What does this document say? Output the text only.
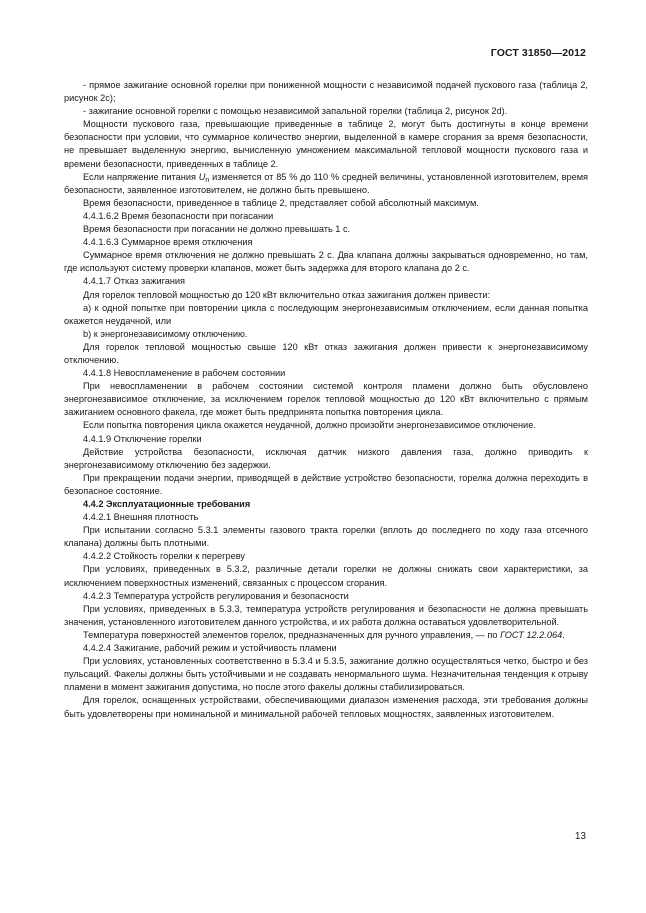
ГОСТ 31850—2012

- прямое зажигание основной горелки при пониженной мощности с независимой подачей пускового газа (таблица 2, рисунок 2с);

- зажигание основной горелки с помощью независимой запальной горелки (таблица 2, рисунок 2d).

Мощности пускового газа, превышающие приведенные в таблице 2, могут быть достигнуты в конце времени безопасности при условии, что суммарное количество энергии, выделенной в камере сгорания за время безопасности, не превышает выделенную энергию, вычисленную умножением максимальной тепловой мощности пускового газа и времени безопасности, приведенных в таблице 2.

Если напряжение питания $U_n$ изменяется от 85 % до 110 % средней величины, установленной изготовителем, время безопасности, заявленное изготовителем, не должно быть превышено.

Время безопасности, приведенное в таблице 2, представляет собой абсолютный максимум.

4.4.1.6.2 Время безопасности при погасании

Время безопасности при погасании не должно превышать 1 с.

4.4.1.6.3 Суммарное время отключения

Суммарное время отключения не должно превышать 2 с. Два клапана должны закрываться одновременно, но там, где используют систему проверки клапанов, может быть задержка для второго клапана до 2 с.

4.4.1.7 Отказ зажигания

Для горелок тепловой мощностью до 120 кВт включительно отказ зажигания должен привести:

а) к одной попытке при повторении цикла с последующим энергонезависимым отключением, если данная попытка окажется неудачной, или

b) к энергонезависимому отключению.

Для горелок тепловой мощностью свыше 120 кВт отказ зажигания должен привести к энергонезависимому отключению.

4.4.1.8 Невоспламенение в рабочем состоянии

При невоспламенении в рабочем состоянии системой контроля пламени должно быть обусловлено энергонезависимое отключение, за исключением горелок тепловой мощностью до 120 кВт включительно с прямым зажиганием основного факела, где может быть предпринята попытка повторения цикла.

Если попытка повторения цикла окажется неудачной, должно произойти энергонезависимое отключение.

4.4.1.9 Отключение горелки

Действие устройства безопасности, исключая датчик низкого давления газа, должно приводить к энергонезависимому отключению без задержки.

При прекращении подачи энергии, приводящей в действие устройство безопасности, горелка должна переходить в безопасное состояние.

4.4.2 Эксплуатационные требования

4.4.2.1 Внешняя плотность

При испытании согласно 5.3.1 элементы газового тракта горелки (вплоть до последнего по ходу газа отсечного клапана) должны быть плотными.

4.4.2.2 Стойкость горелки к перегреву

При условиях, приведенных в 5.3.2, различные детали горелки не должны снижать свои характеристики, за исключением поверхностных изменений, связанных с процессом сгорания.

4.4.2.3 Температура устройств регулирования и безопасности

При условиях, приведенных в 5.3.3, температура устройств регулирования и безопасности не должна превышать значения, установленного изготовителем данного устройства, и их работа должна оставаться удовлетворительной.

Температура поверхностей элементов горелок, предназначенных для ручного управления, — по ГОСТ 12.2.064.

4.4.2.4 Зажигание, рабочий режим и устойчивость пламени

При условиях, установленных соответственно в 5.3.4 и 5.3.5, зажигание должно осуществляться четко, быстро и без пульсаций. Факелы должны быть устойчивыми и не создавать ненормального шума. Незначительная тенденция к отрыву пламени в момент зажигания допустима, но после этого факелы должны стабилизироваться.

Для горелок, оснащенных устройствами, обеспечивающими диапазон изменения расхода, эти требования должны быть удовлетворены при номинальной и минимальной рабочей тепловых мощностях, заявленных изготовителем.

13
